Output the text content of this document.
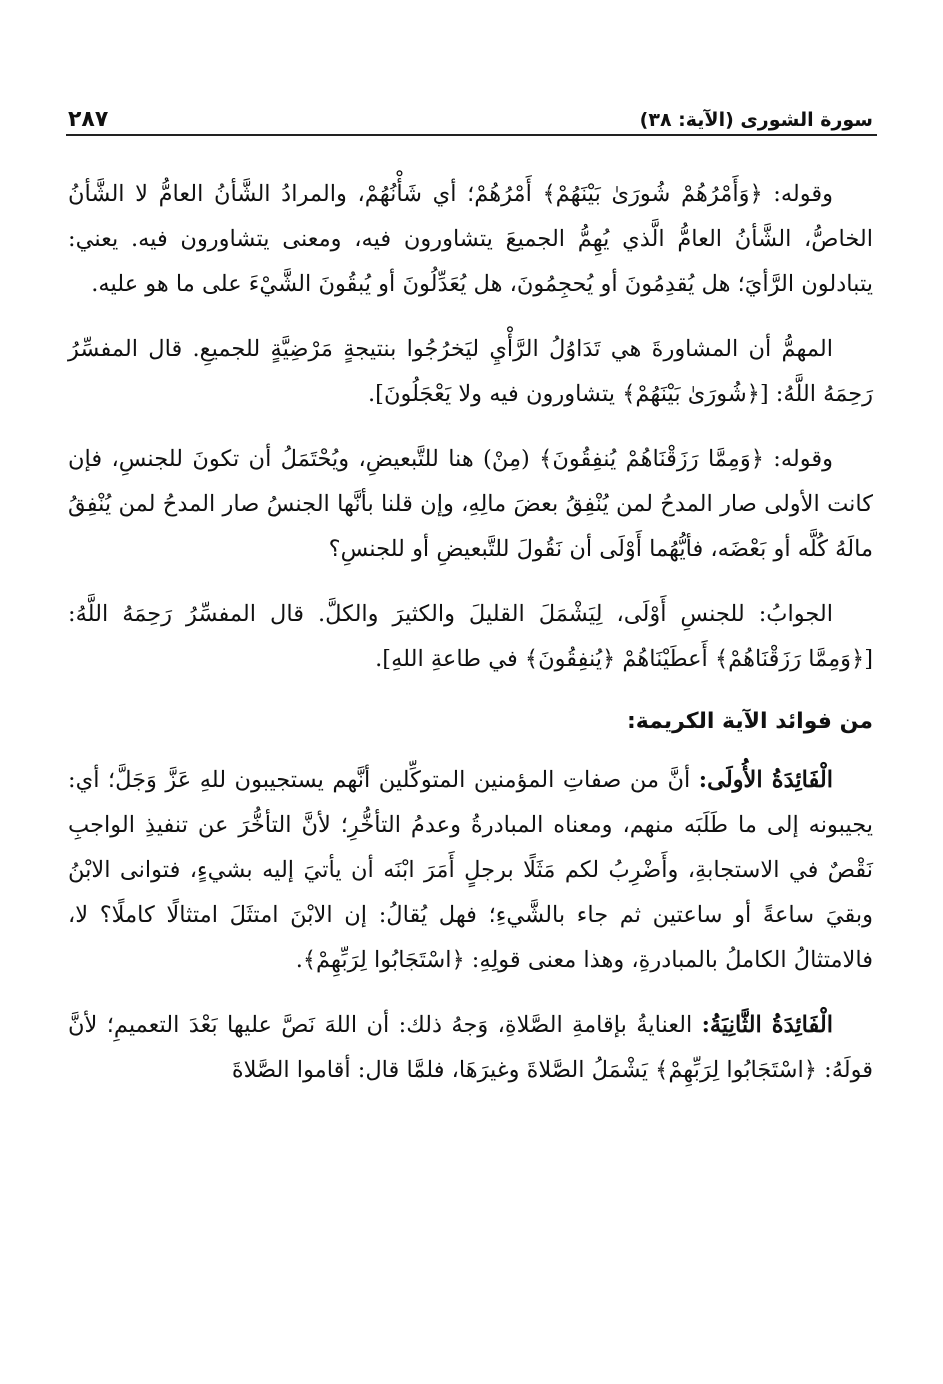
سورة الشورى (الآية: ٣٨)
٢٨٧

وقوله: ﴿وَأَمْرُهُمْ شُورَىٰ بَيْنَهُمْ﴾ أَمْرُهُمْ؛ أي شَأْنُهُمْ، والمرادُ الشَّأنُ العامُّ لا الشَّأنُ الخاصُّ، الشَّأنُ العامُّ الَّذي يُهِمُّ الجميعَ يتشاورون فيه، ومعنى يتشاورون فيه. يعني: يتبادلون الرَّأيَ؛ هل يُقدِمُونَ أو يُحجِمُونَ، هل يُعَدِّلُونَ أو يُبقُونَ الشَّيْءَ على ما هو عليه.

المهمُّ أن المشاورةَ هي تَدَاوُلُ الرَّأْيِ ليَخرُجُوا بنتيجةٍ مَرْضِيَّةٍ للجميعِ. قال المفسِّرُ رَحِمَهُ اللَّهُ: [﴿شُورَىٰ بَيْنَهُمْ﴾ يتشاورون فيه ولا يَعْجَلُونَ].

وقوله: ﴿وَمِمَّا رَزَقْنَاهُمْ يُنفِقُونَ﴾ (مِنْ) هنا للتَّبعيضِ، ويُحْتَمَلُ أن تكونَ للجنسِ، فإن كانت الأولى صار المدحُ لمن يُنْفِقُ بعضَ مالِهِ، وإن قلنا بأنَّها الجنسُ صار المدحُ لمن يُنْفِقُ مالَهُ كُلَّه أو بَعْضَه، فأيُّهُما أَوْلَى أن نَقُولَ للتَّبعيضِ أو للجنسِ؟

الجوابُ: للجنسِ أَوْلَى، لِيَشْمَلَ القليلَ والكثيرَ والكلَّ. قال المفسِّرُ رَحِمَهُ اللَّهُ: [﴿وَمِمَّا رَزَقْنَاهُمْ﴾ أَعطَيْنَاهُمْ ﴿يُنفِقُونَ﴾ في طاعةِ اللهِ].

من فوائد الآية الكريمة:

الْفَائِدَةُ الأُولَى: أنَّ من صفاتِ المؤمنين المتوكِّلين أنَّهم يستجيبون للهِ عَزَّ وَجَلَّ؛ أي: يجيبونه إلى ما طَلَبَه منهم، ومعناه المبادرةُ وعدمُ التأخُّرِ؛ لأنَّ التأخُّرَ عن تنفيذِ الواجبِ نَقْصٌ في الاستجابةِ، وأَضْرِبُ لكم مَثَلًا برجلٍ أَمَرَ ابْنَه أن يأتيَ إليه بشيءٍ، فتوانى الابْنُ وبقيَ ساعةً أو ساعتين ثم جاء بالشَّيءِ؛ فهل يُقالُ: إن الابْنَ امتثَلَ امتثالًا كاملًا؟ لا، فالامتثالُ الكاملُ بالمبادرةِ، وهذا معنى قولِهِ: ﴿اسْتَجَابُوا لِرَبِّهِمْ﴾.

الْفَائِدَةُ الثَّانِيَةُ: العنايةُ بإقامةِ الصَّلاةِ، وَجهُ ذلك: أن اللهَ نَصَّ عليها بَعْدَ التعميمِ؛ لأنَّ قولَهُ: ﴿اسْتَجَابُوا لِرَبِّهِمْ﴾ يَشْمَلُ الصَّلاةَ وغيرَهَا، فلمَّا قال: أقاموا الصَّلاةَ
